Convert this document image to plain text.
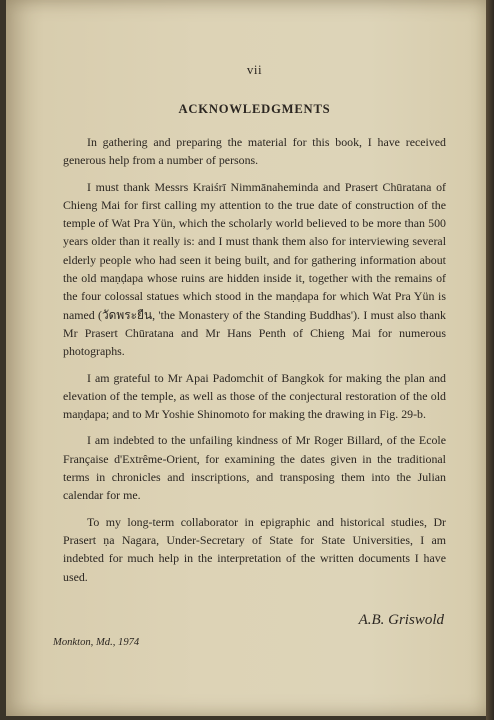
vii
ACKNOWLEDGMENTS

In gathering and preparing the material for this book, I have received generous help from a number of persons.

I must thank Messrs Kraiśrī Nimmānaheminda and Prasert Chūratana of Chieng Mai for first calling my attention to the true date of construction of the temple of Wat Pra Yün, which the scholarly world believed to be more than 500 years older than it really is: and I must thank them also for interviewing several elderly people who had seen it being built, and for gathering information about the old maṇḍapa whose ruins are hidden inside it, together with the remains of the four colossal statues which stood in the maṇḍapa for which Wat Pra Yün is named (วัดพระยืน, 'the Monastery of the Standing Buddhas'). I must also thank Mr Prasert Chūratana and Mr Hans Penth of Chieng Mai for numerous photographs.

I am grateful to Mr Apai Padomchit of Bangkok for making the plan and elevation of the temple, as well as those of the conjectural restoration of the old maṇḍapa; and to Mr Yoshie Shinomoto for making the drawing in Fig. 29-b.

I am indebted to the unfailing kindness of Mr Roger Billard, of the Ecole Française d'Extrême-Orient, for examining the dates given in the traditional terms in chronicles and inscriptions, and transposing them into the Julian calendar for me.

To my long-term collaborator in epigraphic and historical studies, Dr Prasert ṇa Nagara, Under-Secretary of State for State Universities, I am indebted for much help in the interpretation of the written documents I have used.

A.B. Griswold
Monkton, Md., 1974
